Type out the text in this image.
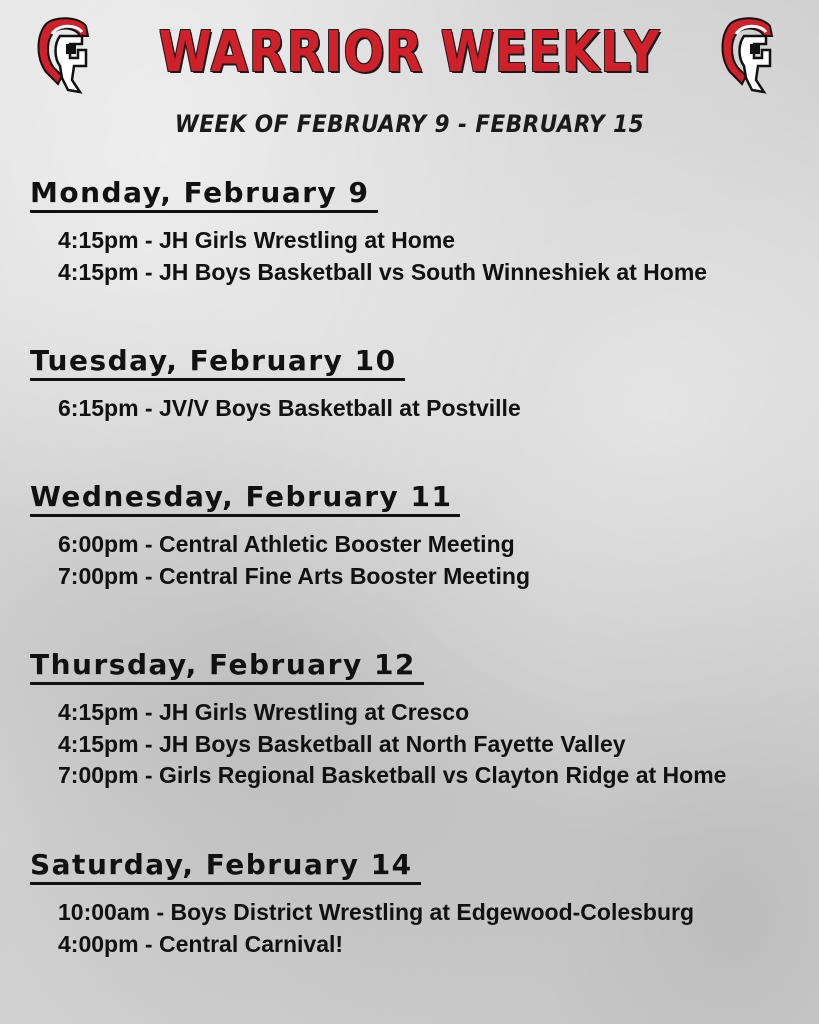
WARRIOR WEEKLY
WEEK OF FEBRUARY 9 - FEBRUARY 15
Monday, February 9
4:15pm - JH Girls Wrestling at Home
4:15pm - JH Boys Basketball vs South Winneshiek at Home
Tuesday, February 10
6:15pm - JV/V Boys Basketball at Postville
Wednesday, February 11
6:00pm - Central Athletic Booster Meeting
7:00pm - Central Fine Arts Booster Meeting
Thursday, February 12
4:15pm - JH Girls Wrestling at Cresco
4:15pm - JH Boys Basketball at North Fayette Valley
7:00pm - Girls Regional Basketball vs Clayton Ridge at Home
Saturday, February 14
10:00am - Boys District Wrestling at Edgewood-Colesburg
4:00pm - Central Carnival!
